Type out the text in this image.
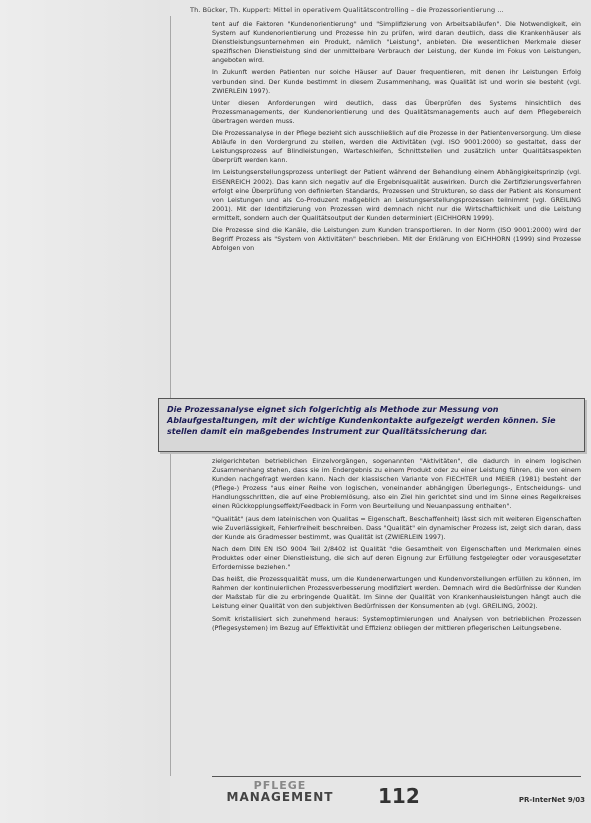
Th. Bücker, Th. Kuppert: Mittel in operativem Qualitätscontrolling – die Prozessorientierung ...

tent auf die Faktoren "Kundenorientierung" und "Simplifizierung von Arbeitsabläufen". Die Notwendigkeit, ein System auf Kundenorientierung und Prozesse hin zu prüfen, wird daran deutlich, dass die Krankenhäuser als Dienstleistungsunternehmen ein Produkt, nämlich "Leistung", anbieten. Die wesentlichen Merkmale dieser spezifischen Dienstleistung sind der unmittelbare Verbrauch der Leistung, der Kunde im Fokus von Leistungen, angeboten wird.

In Zukunft werden Patienten nur solche Häuser auf Dauer frequentieren, mit denen ihr Leistungen Erfolg verbunden sind. Der Kunde bestimmt in diesem Zusammenhang, was Qualität ist und worin sie besteht (vgl. ZWIERLEIN 1997).

Unter diesen Anforderungen wird deutlich, dass das Überprüfen des Systems hinsichtlich des Prozessmanagements, der Kundenorientierung und des Qualitätsmanagements auch auf dem Pflegebereich übertragen werden muss.

Die Prozessanalyse in der Pflege bezieht sich ausschließlich auf die Prozesse in der Patientenversorgung. Um diese Abläufe in den Vordergrund zu stellen, werden die Aktivitäten (vgl. ISO 9001:2000) so gestaltet, dass der Leistungsprozess auf Blindleistungen, Warteschleifen, Schnittstellen und zusätzlich unter Qualitätsaspekten überprüft werden kann.

Im Leistungserstellungsprozess unterliegt der Patient während der Behandlung einem Abhängigkeitsprinzip (vgl. EISENREICH 2002). Das kann sich negativ auf die Ergebnisqualität auswirken. Durch die Zertifizierungsverfahren erfolgt eine Überprüfung von definierten Standards, Prozessen und Strukturen, so dass der Patient als Konsument von Leistungen und als Co-Produzent maßgeblich an Leistungserstellungsprozessen teilnimmt (vgl. GREILING 2001). Mit der Identifizierung von Prozessen wird demnach nicht nur die Wirtschaftlichkeit und die Leistung ermittelt, sondern auch der Qualitätsoutput der Kunden determiniert (EICHHORN 1999).

Die Prozesse sind die Kanäle, die Leistungen zum Kunden transportieren. In der Norm (ISO 9001:2000) wird der Begriff Prozess als "System von Aktivitäten" beschrieben. Mit der Erklärung von EICHHORN (1999) sind Prozesse Abfolgen von

Die Prozessanalyse eignet sich folgerichtig als Methode zur Messung von Ablaufgestaltungen, mit der wichtige Kundenkontakte aufgezeigt werden können. Sie stellen damit ein maßgebendes Instrument zur Qualitätssicherung dar.

zielgerichteten betrieblichen Einzelvorgängen, sogenannten "Aktivitäten", die dadurch in einem logischen Zusammenhang stehen, dass sie im Endergebnis zu einem Produkt oder zu einer Leistung führen, die von einem Kunden nachgefragt werden kann. Nach der klassischen Variante von FIECHTER und MEIER (1981) besteht der (Pflege-) Prozess "aus einer Reihe von logischen, voneinander abhängigen Überlegungs-, Entscheidungs- und Handlungsschritten, die auf eine Problemlösung, also ein Ziel hin gerichtet sind und im Sinne eines Regelkreises einen Rückkopplungseffekt/Feedback in Form von Beurteilung und Neuanpassung enthalten".

"Qualität" (aus dem lateinischen von Qualitas = Eigenschaft, Beschaffenheit) lässt sich mit weiteren Eigenschaften wie Zuverlässigkeit, Fehlerfreiheit beschreiben. Dass "Qualität" ein dynamischer Prozess ist, zeigt sich daran, dass der Kunde als Gradmesser bestimmt, was Qualität ist (ZWIERLEIN 1997).

Nach dem DIN EN ISO 9004 Teil 2/8402 ist Qualität "die Gesamtheit von Eigenschaften und Merkmalen eines Produktes oder einer Dienstleistung, die sich auf deren Eignung zur Erfüllung festgelegter oder vorausgesetzter Erfordernisse beziehen."

Das heißt, die Prozessqualität muss, um die Kundenerwartungen und Kundenvorstellungen erfüllen zu können, im Rahmen der kontinuierlichen Prozessverbesserung modifiziert werden. Demnach wird die Bedürfnisse der Kunden der Maßstab für die zu erbringende Qualität. Im Sinne der Qualität von Krankenhausleistungen hängt auch die Leistung einer Qualität von den subjektiven Bedürfnissen der Konsumenten ab (vgl. GREILING, 2002).

Somit kristallisiert sich zunehmend heraus: Systemoptimierungen und Analysen von betrieblichen Prozessen (Pflegesystemen) im Bezug auf Effektivität und Effizienz obliegen der mittleren pflegerischen Leitungsebene.

PFLEGE
MANAGEMENT	112	PR-InterNet 9/03
